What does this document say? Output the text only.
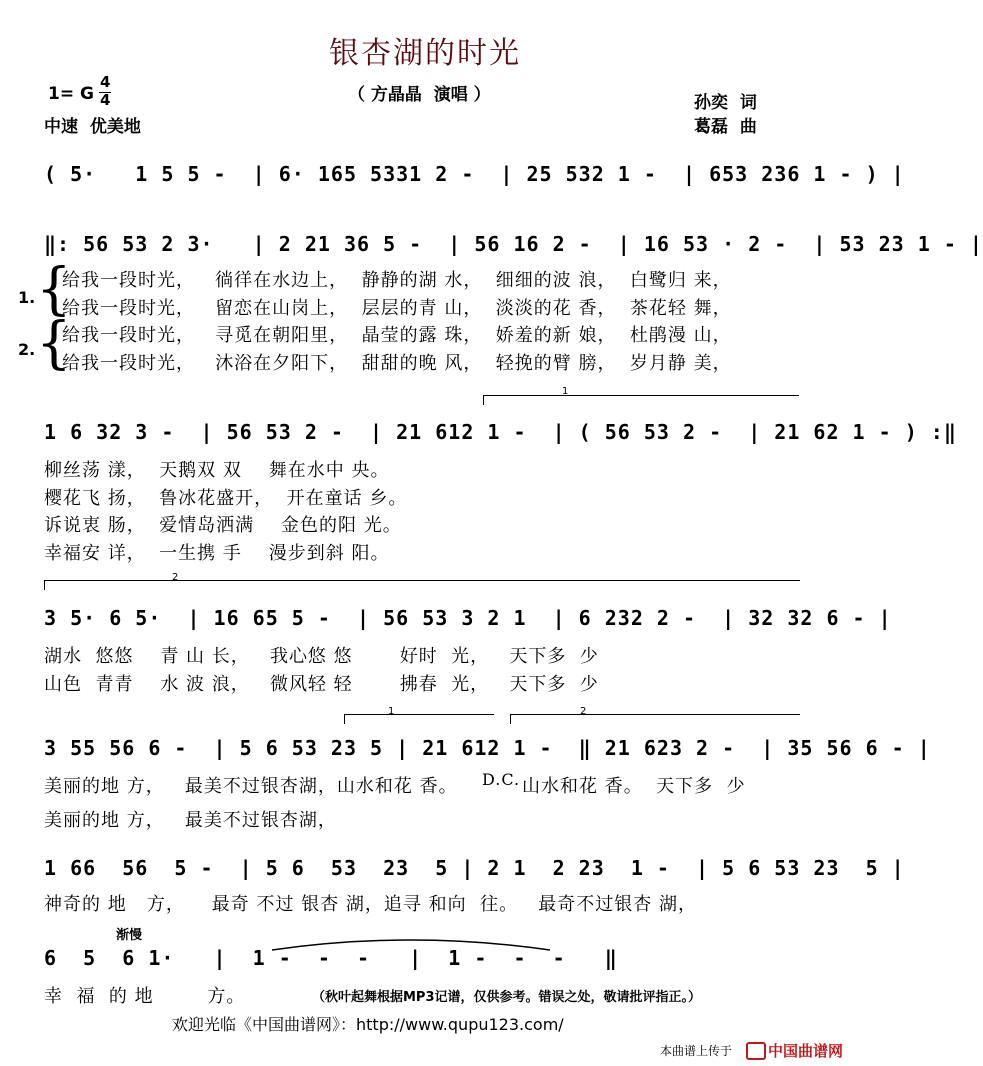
银杏湖的时光
1= G
4
4	（ 方晶晶  演唱 ）
中速  优美地
孙奕  词
葛磊  曲
( 5·   1 5 5 -  | 6· 165 5331 2 -  | 25 532 1 -  | 653 236 1 - ) |
‖: 56 53 2 3·   | 2 21 36 5 -  | 56 16 2 -  | 16 53 · 2 -  | 53 23 1 - |
1.
2.
{
{
给我一段时光，   徜徉在水边上，  静静的湖 水，  细细的波 浪，  白鹭归 来，
给我一段时光，   留恋在山岗上，  层层的青 山，  淡淡的花 香，  茶花轻 舞，
给我一段时光，   寻觅在朝阳里，  晶莹的露 珠，  娇羞的新 娘，  杜鹃漫 山，
给我一段时光，   沐浴在夕阳下，  甜甜的晚 风，  轻挽的臂 膀，  岁月静 美，
1
1 6 32 3 -  | 56 53 2 -  | 21 612 1 -  | ( 56 53 2 -  | 21 62 1 - ) :‖
柳丝荡 漾，  天鹅双 双    舞在水中 央。
樱花飞 扬，  鲁冰花盛开，  开在童话 乡。
诉说衷 肠，  爱情岛洒满    金色的阳 光。
幸福安 详，  一生携 手    漫步到斜 阳。
2
3 5· 6 5·  | 16 65 5 -  | 56 53 3 2 1  | 6 232 2 -  | 32 32 6 - |
湖水  悠悠    青 山 长，   我心悠 悠       好时  光，   天下多  少
山色  青青    水 波 浪，   微风轻 轻       拂春  光，   天下多  少
1	2
3 55 56 6 -  | 5 6 53 23 5 | 21 612 1 -  ‖ 21 623 2 -  | 35 56 6 - |
美丽的地 方，   最美不过银杏湖，山水和花 香。 D.C. 山水和花 香。  天下多  少
美丽的地 方，   最美不过银杏湖，
1 66  56  5 -  | 5 6  53  23  5 | 2 1  2 23  1 -  | 5 6 53 23  5 |
神奇的 地   方，    最奇 不过 银杏 湖，追寻 和向  往。   最奇不过银杏 湖，
渐慢
6  5  6 1·   |  1 -  -  -   |  1 -  -  -   ‖
幸  福  的 地        方。	（秋叶起舞根据MP3记谱，仅供参考。错误之处，敬请批评指正。）
欢迎光临《中国曲谱网》：http://www.qupu123.com/
本曲谱上传于 中国曲谱网
